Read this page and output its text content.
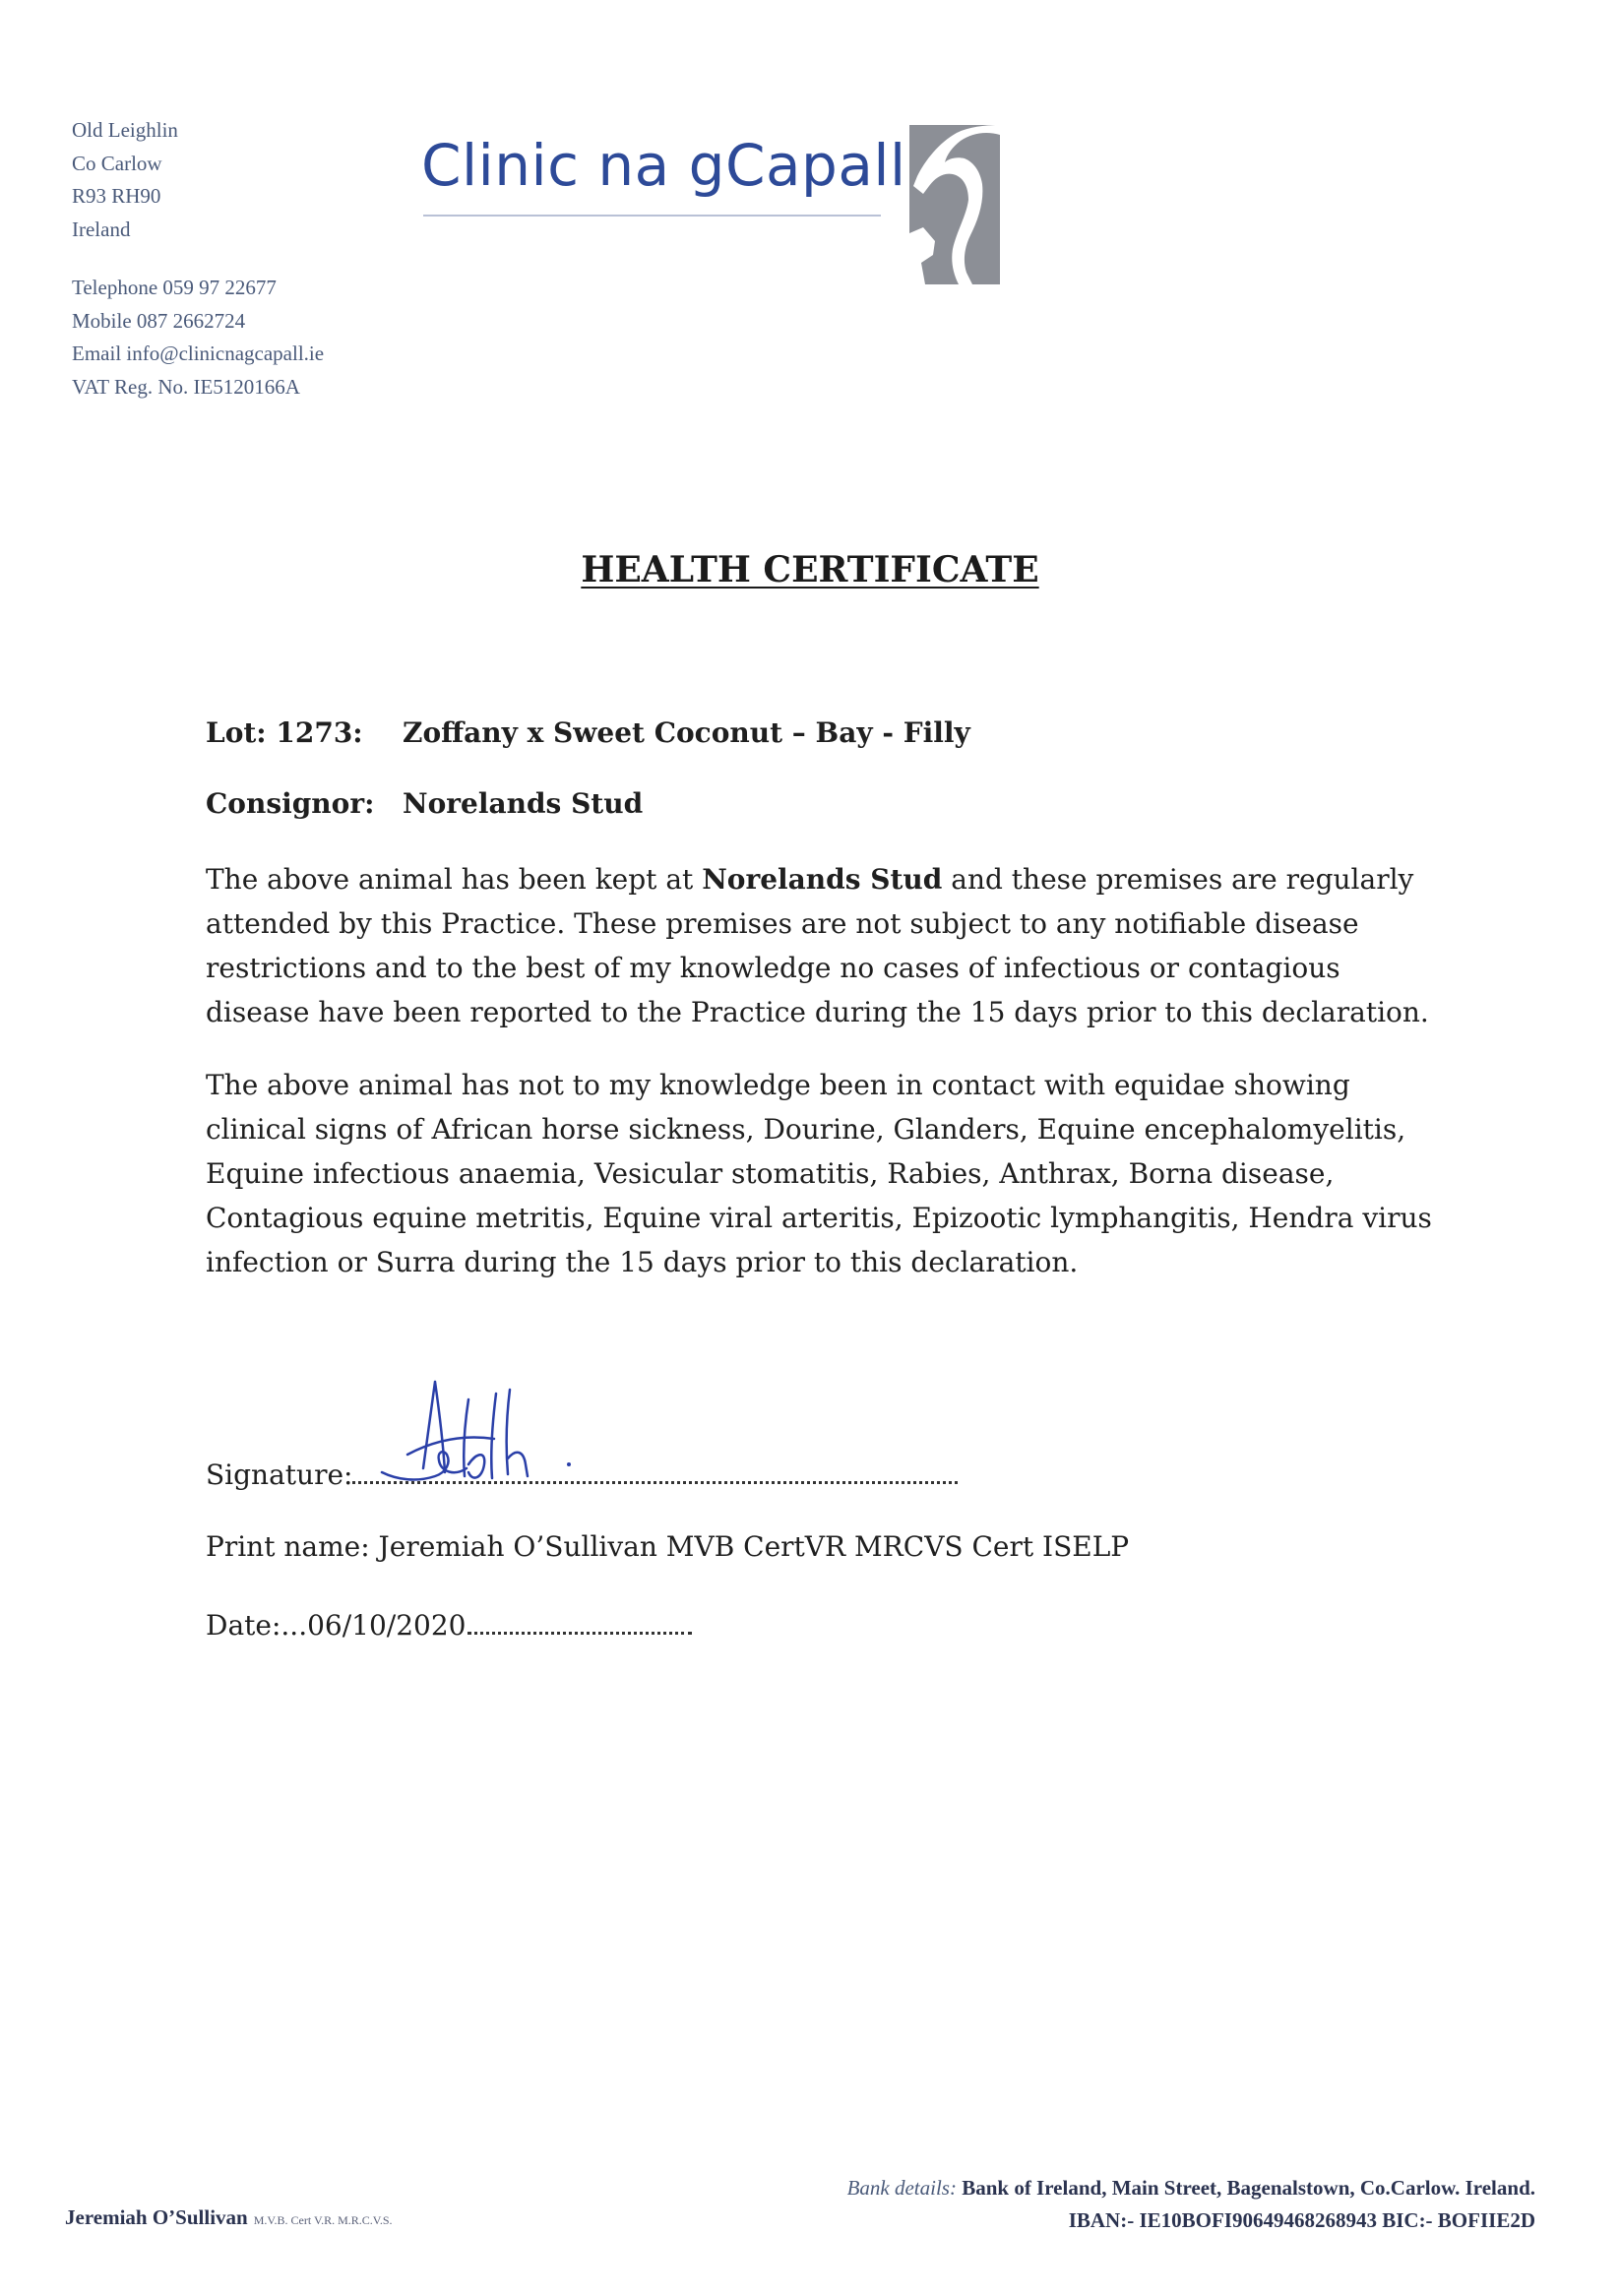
Old Leighlin
Co Carlow
R93 RH90
Ireland
Telephone 059 97 22677
Mobile 087 2662724
Email info@clinicnagcapall.ie
VAT Reg. No. IE5120166A
Clinic na gCapall
HEALTH CERTIFICATE
Lot: 1273: Zoffany x Sweet Coconut – Bay - Filly
Consignor: Norelands Stud
The above animal has been kept at Norelands Stud and these premises are regularly
attended by this Practice. These premises are not subject to any notifiable disease
restrictions and to the best of my knowledge no cases of infectious or contagious
disease have been reported to the Practice during the 15 days prior to this declaration.
The above animal has not to my knowledge been in contact with equidae showing
clinical signs of African horse sickness, Dourine, Glanders, Equine encephalomyelitis,
Equine infectious anaemia, Vesicular stomatitis, Rabies, Anthrax, Borna disease,
Contagious equine metritis, Equine viral arteritis, Epizootic lymphangitis, Hendra virus
infection or Surra during the 15 days prior to this declaration.
Signature:
Print name: Jeremiah O’Sullivan MVB CertVR MRCVS Cert ISELP
Date:...06/10/2020
Jeremiah O’Sullivan M.V.B. Cert V.R. M.R.C.V.S.
Bank details: Bank of Ireland, Main Street, Bagenalstown, Co.Carlow. Ireland.
IBAN:- IE10BOFI90649468268943 BIC:- BOFIIE2D
